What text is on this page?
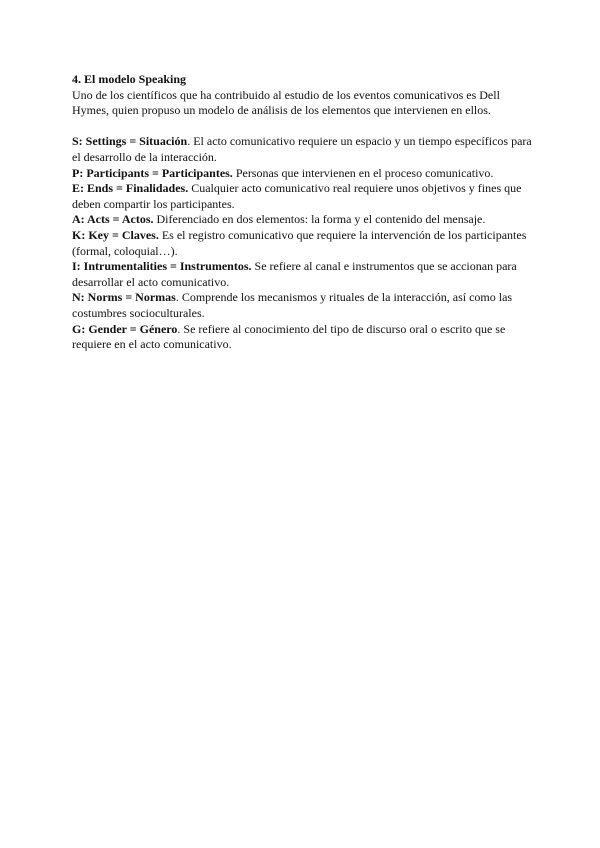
4. El modelo Speaking

Uno de los científicos que ha contribuido al estudio de los eventos comunicativos es Dell Hymes, quien propuso un modelo de análisis de los elementos que intervienen en ellos.

S: Settings = Situación. El acto comunicativo requiere un espacio y un tiempo específicos para el desarrollo de la interacción.

P: Participants = Participantes. Personas que intervienen en el proceso comunicativo.

E: Ends = Finalidades. Cualquier acto comunicativo real requiere unos objetivos y fines que deben compartir los participantes.

A: Acts = Actos. Diferenciado en dos elementos: la forma y el contenido del mensaje.

K: Key = Claves. Es el registro comunicativo que requiere la intervención de los participantes (formal, coloquial…).

I: Intrumentalities = Instrumentos. Se refiere al canal e instrumentos que se accionan para desarrollar el acto comunicativo.

N: Norms = Normas. Comprende los mecanismos y rituales de la interacción, así como las costumbres socioculturales.

G: Gender = Género. Se refiere al conocimiento del tipo de discurso oral o escrito que se requiere en el acto comunicativo.
